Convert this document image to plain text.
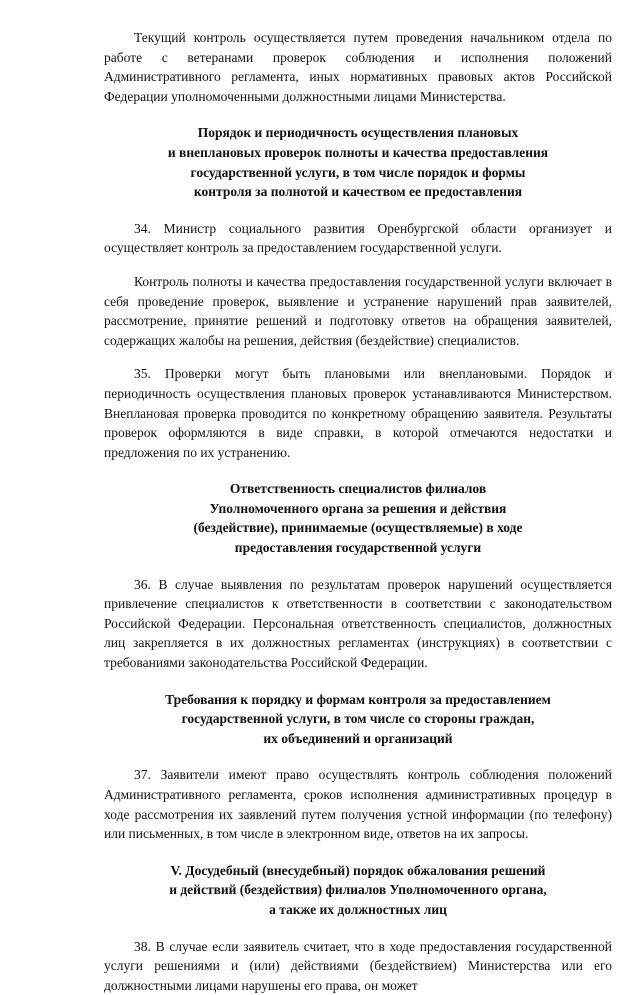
Текущий контроль осуществляется путем проведения начальником отдела по работе с ветеранами проверок соблюдения и исполнения положений Административного регламента, иных нормативных правовых актов Российской Федерации уполномоченными должностными лицами Министерства.

Порядок и периодичность осуществления плановых
и внеплановых проверок полноты и качества предоставления
государственной услуги, в том числе порядок и формы
контроля за полнотой и качеством ее предоставления

34. Министр социального развития Оренбургской области организует и осуществляет контроль за предоставлением государственной услуги.

Контроль полноты и качества предоставления государственной услуги включает в себя проведение проверок, выявление и устранение нарушений прав заявителей, рассмотрение, принятие решений и подготовку ответов на обращения заявителей, содержащих жалобы на решения, действия (бездействие) специалистов.

35. Проверки могут быть плановыми или внеплановыми. Порядок и периодичность осуществления плановых проверок устанавливаются Министерством. Внеплановая проверка проводится по конкретному обращению заявителя. Результаты проверок оформляются в виде справки, в которой отмечаются недостатки и предложения по их устранению.

Ответственность специалистов филиалов
Уполномоченного органа за решения и действия
(бездействие), принимаемые (осуществляемые) в ходе
предоставления государственной услуги

36. В случае выявления по результатам проверок нарушений осуществляется привлечение специалистов к ответственности в соответствии с законодательством Российской Федерации. Персональная ответственность специалистов, должностных лиц закрепляется в их должностных регламентах (инструкциях) в соответствии с требованиями законодательства Российской Федерации.

Требования к порядку и формам контроля за предоставлением
государственной услуги, в том числе со стороны граждан,
их объединений и организаций

37. Заявители имеют право осуществлять контроль соблюдения положений Административного регламента, сроков исполнения административных процедур в ходе рассмотрения их заявлений путем получения устной информации (по телефону) или письменных, в том числе в электронном виде, ответов на их запросы.

V. Досудебный (внесудебный) порядок обжалования решений
и действий (бездействия) филиалов Уполномоченного органа,
а также их должностных лиц

38. В случае если заявитель считает, что в ходе предоставления государственной услуги решениями и (или) действиями (бездействием) Министерства или его должностными лицами нарушены его права, он может
